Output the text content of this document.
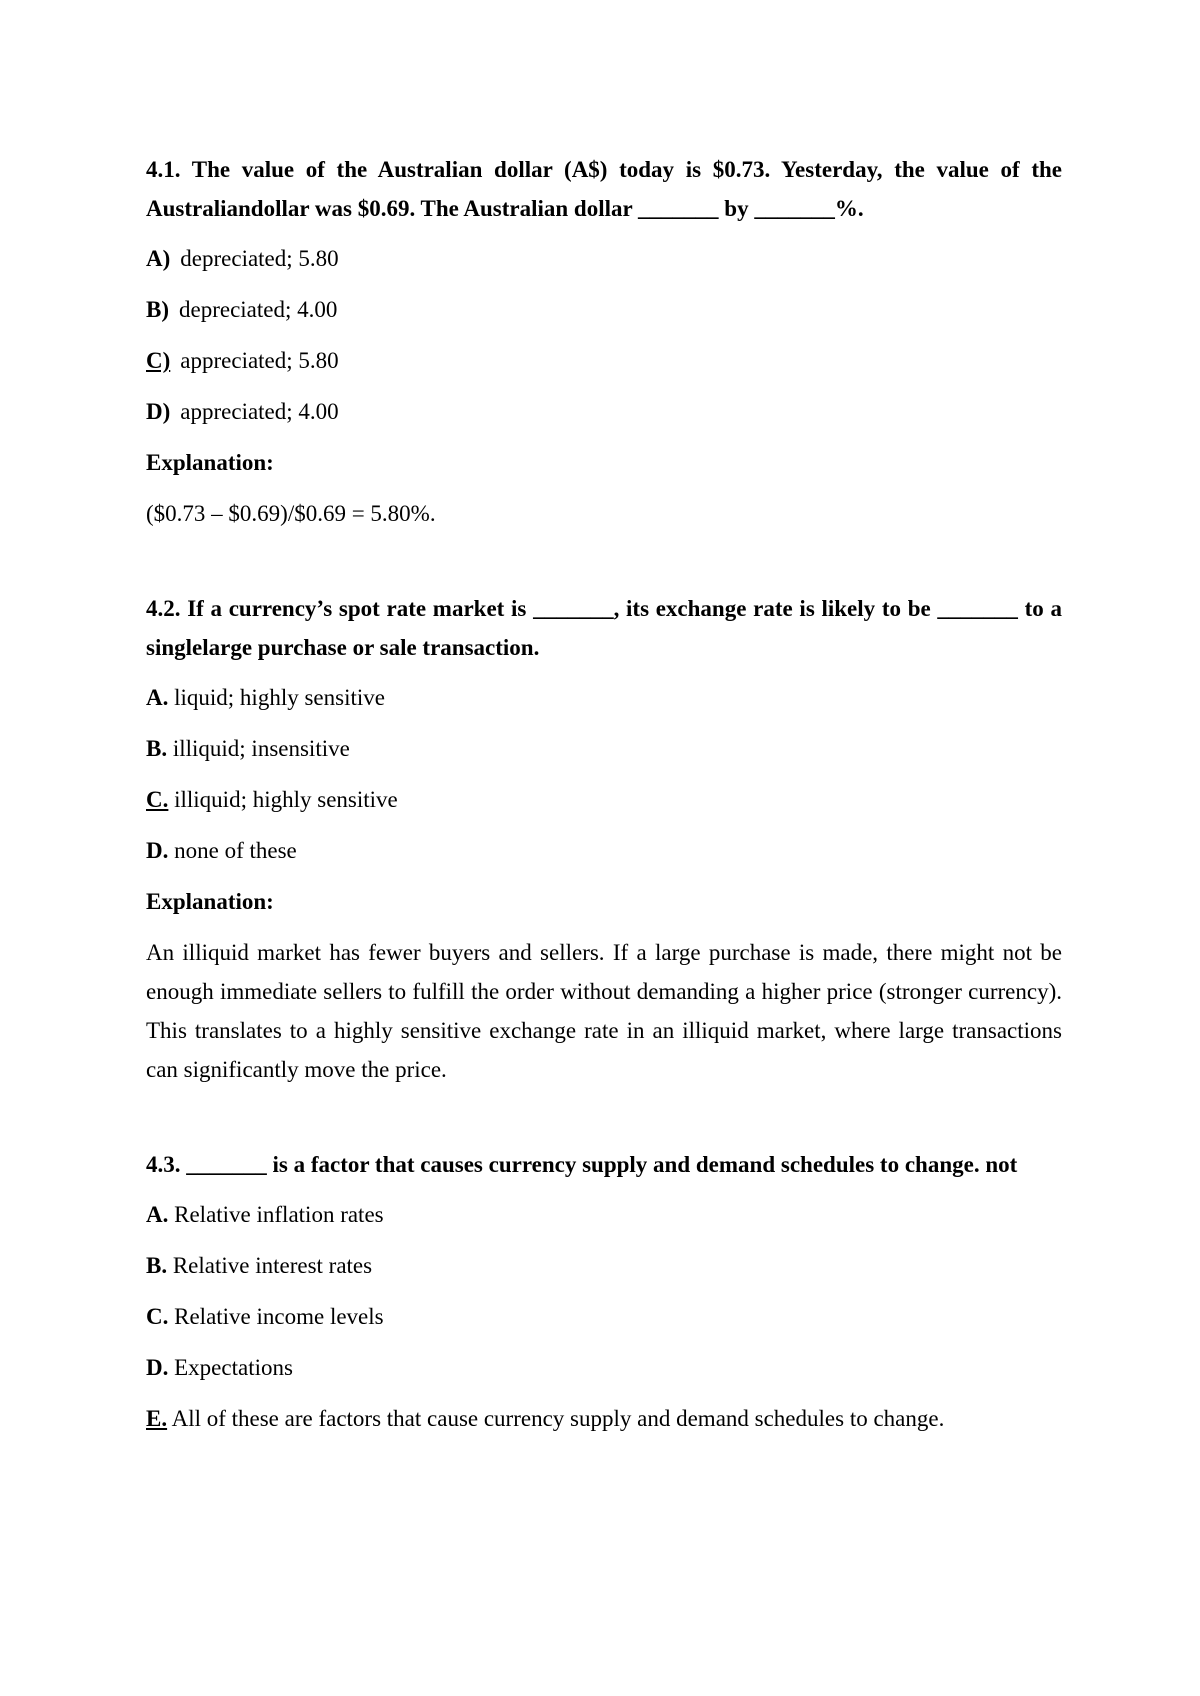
4.1. The value of the Australian dollar (A$) today is $0.73. Yesterday, the value of the Australiandollar was $0.69. The Australian dollar _______ by _______%.

A) depreciated; 5.80
B) depreciated; 4.00
C) appreciated; 5.80
D) appreciated; 4.00
Explanation:

($0.73 – $0.69)/$0.69 = 5.80%.

4.2. If a currency’s spot rate market is _______, its exchange rate is likely to be _______ to a singlelarge purchase or sale transaction.

A. liquid; highly sensitive
B. illiquid; insensitive
C. illiquid; highly sensitive
D. none of these
Explanation:

An illiquid market has fewer buyers and sellers. If a large purchase is made, there might not be enough immediate sellers to fulfill the order without demanding a higher price (stronger currency). This translates to a highly sensitive exchange rate in an illiquid market, where large transactions can significantly move the price.

4.3. _______ is a factor that causes currency supply and demand schedules to change. not

A. Relative inflation rates
B. Relative interest rates
C. Relative income levels
D. Expectations
E. All of these are factors that cause currency supply and demand schedules to change.
